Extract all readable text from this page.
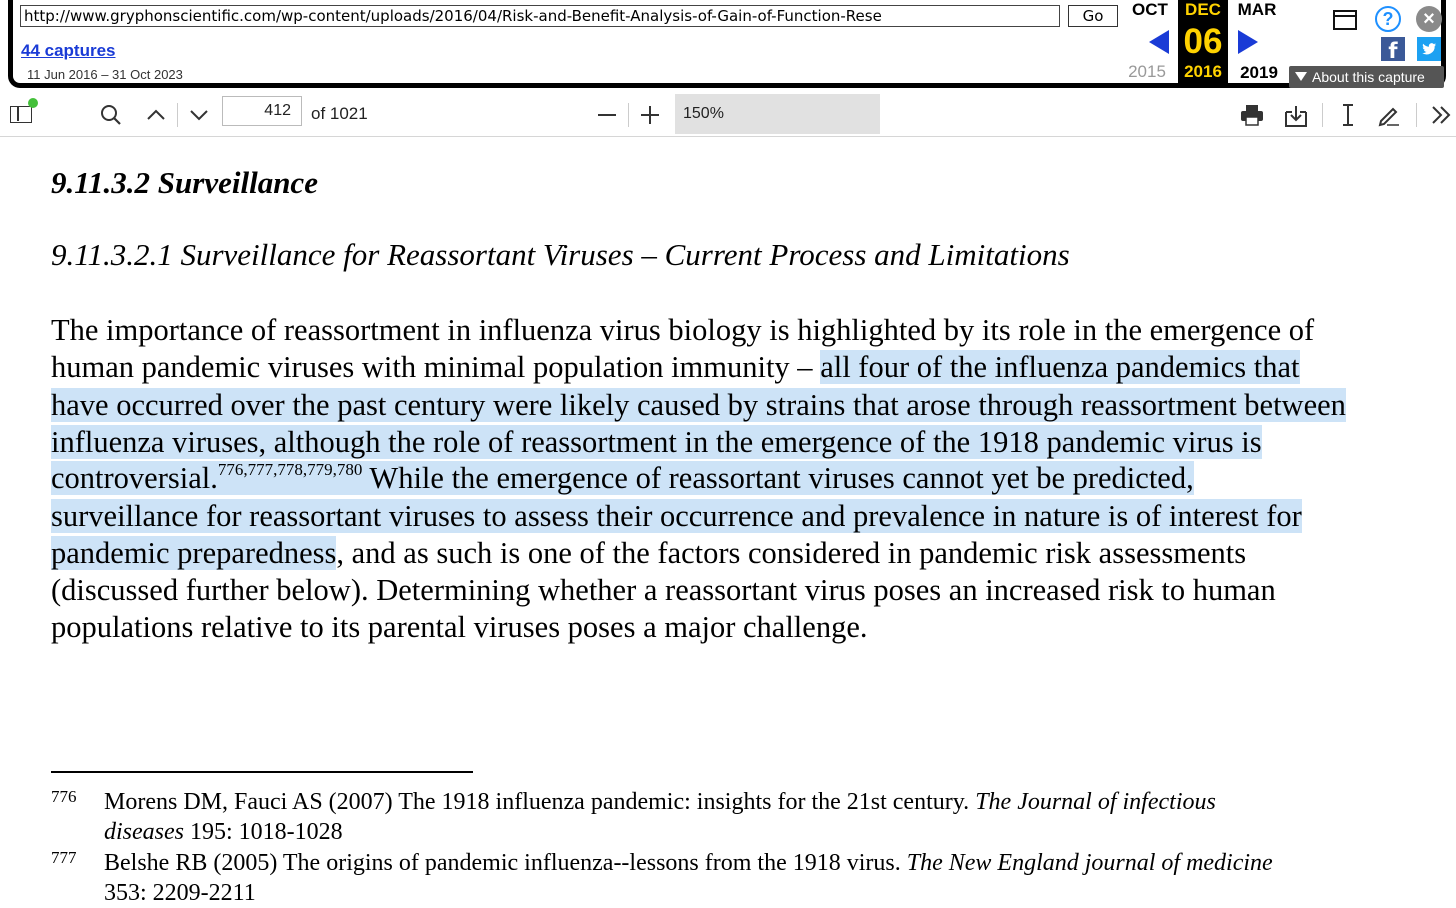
http://www.gryphonscientific.com/wp-content/uploads/2016/04/Risk-and-Benefit-Analysis-of-Gain-of-Function-Rese
Go
44 captures
11 Jun 2016 – 31 Oct 2023
OCT	DEC
06
2016
MAR
2015	2019
?	×
f
About this capture
412
of 1021	150%
9.11.3.2 Surveillance
9.11.3.2.1 Surveillance for Reassortant Viruses – Current Process and Limitations
The importance of reassortment in influenza virus biology is highlighted by its role in the emergence of
human pandemic viruses with minimal population immunity – all four of the influenza pandemics that
have occurred over the past century were likely caused by strains that arose through reassortment between
influenza viruses, although the role of reassortment in the emergence of the 1918 pandemic virus is
controversial.$^{776,777,778,779,780}$ While the emergence of reassortant viruses cannot yet be predicted,
surveillance for reassortant viruses to assess their occurrence and prevalence in nature is of interest for
pandemic preparedness, and as such is one of the factors considered in pandemic risk assessments
(discussed further below). Determining whether a reassortant virus poses an increased risk to human
populations relative to its parental viruses poses a major challenge.
776 Morens DM, Fauci AS (2007) The 1918 influenza pandemic: insights for the 21st century. The Journal of infectious
diseases 195: 1018-1028
777 Belshe RB (2005) The origins of pandemic influenza--lessons from the 1918 virus. The New England journal of medicine
353: 2209-2211
